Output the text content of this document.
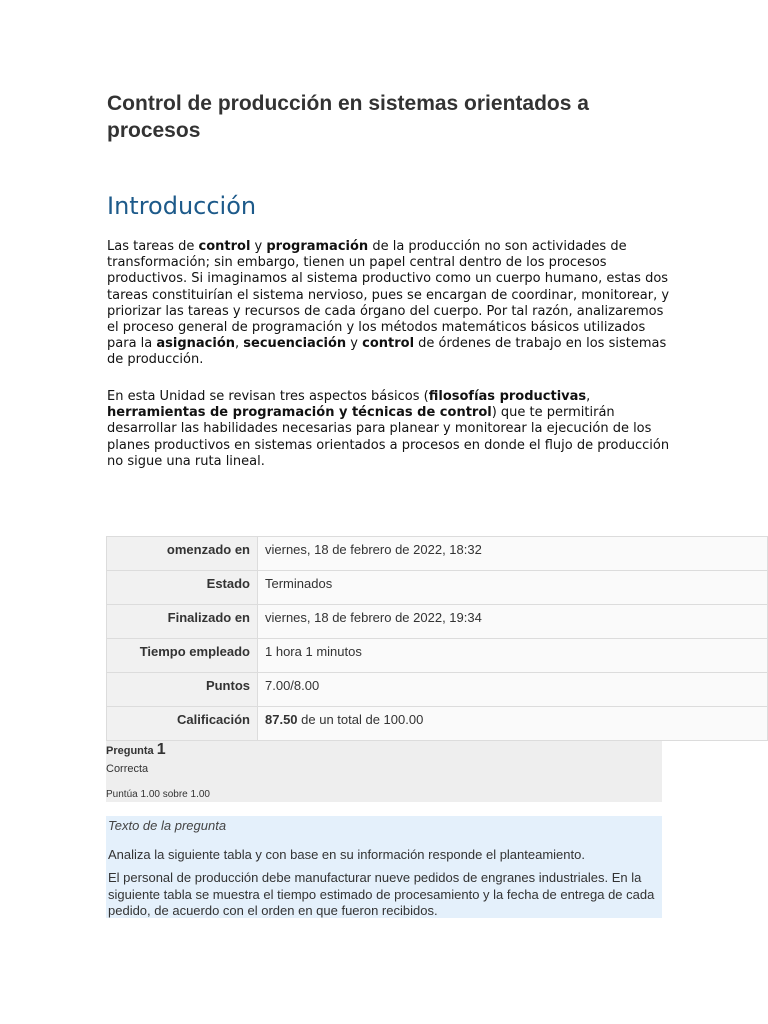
Control de producción en sistemas orientados a procesos
Introducción

Las tareas de control y programación de la producción no son actividades de transformación; sin embargo, tienen un papel central dentro de los procesos productivos. Si imaginamos al sistema productivo como un cuerpo humano, estas dos tareas constituirían el sistema nervioso, pues se encargan de coordinar, monitorear, y priorizar las tareas y recursos de cada órgano del cuerpo. Por tal razón, analizaremos el proceso general de programación y los métodos matemáticos básicos utilizados para la asignación, secuenciación y control de órdenes de trabajo en los sistemas de producción.

En esta Unidad se revisan tres aspectos básicos (filosofías productivas, herramientas de programación y técnicas de control) que te permitirán desarrollar las habilidades necesarias para planear y monitorear la ejecución de los planes productivos en sistemas orientados a procesos en donde el flujo de producción no sigue una ruta lineal.

omenzado en	viernes, 18 de febrero de 2022, 18:32
Estado	Terminados
Finalizado en	viernes, 18 de febrero de 2022, 19:34
Tiempo empleado	1 hora 1 minutos
Puntos	7.00/8.00
Calificación	87.50 de un total de 100.00
Pregunta 1
Correcta
Puntúa 1.00 sobre 1.00
Texto de la pregunta
Analiza la siguiente tabla y con base en su información responde el planteamiento.
El personal de producción debe manufacturar nueve pedidos de engranes industriales. En la siguiente tabla se muestra el tiempo estimado de procesamiento y la fecha de entrega de cada pedido, de acuerdo con el orden en que fueron recibidos.
